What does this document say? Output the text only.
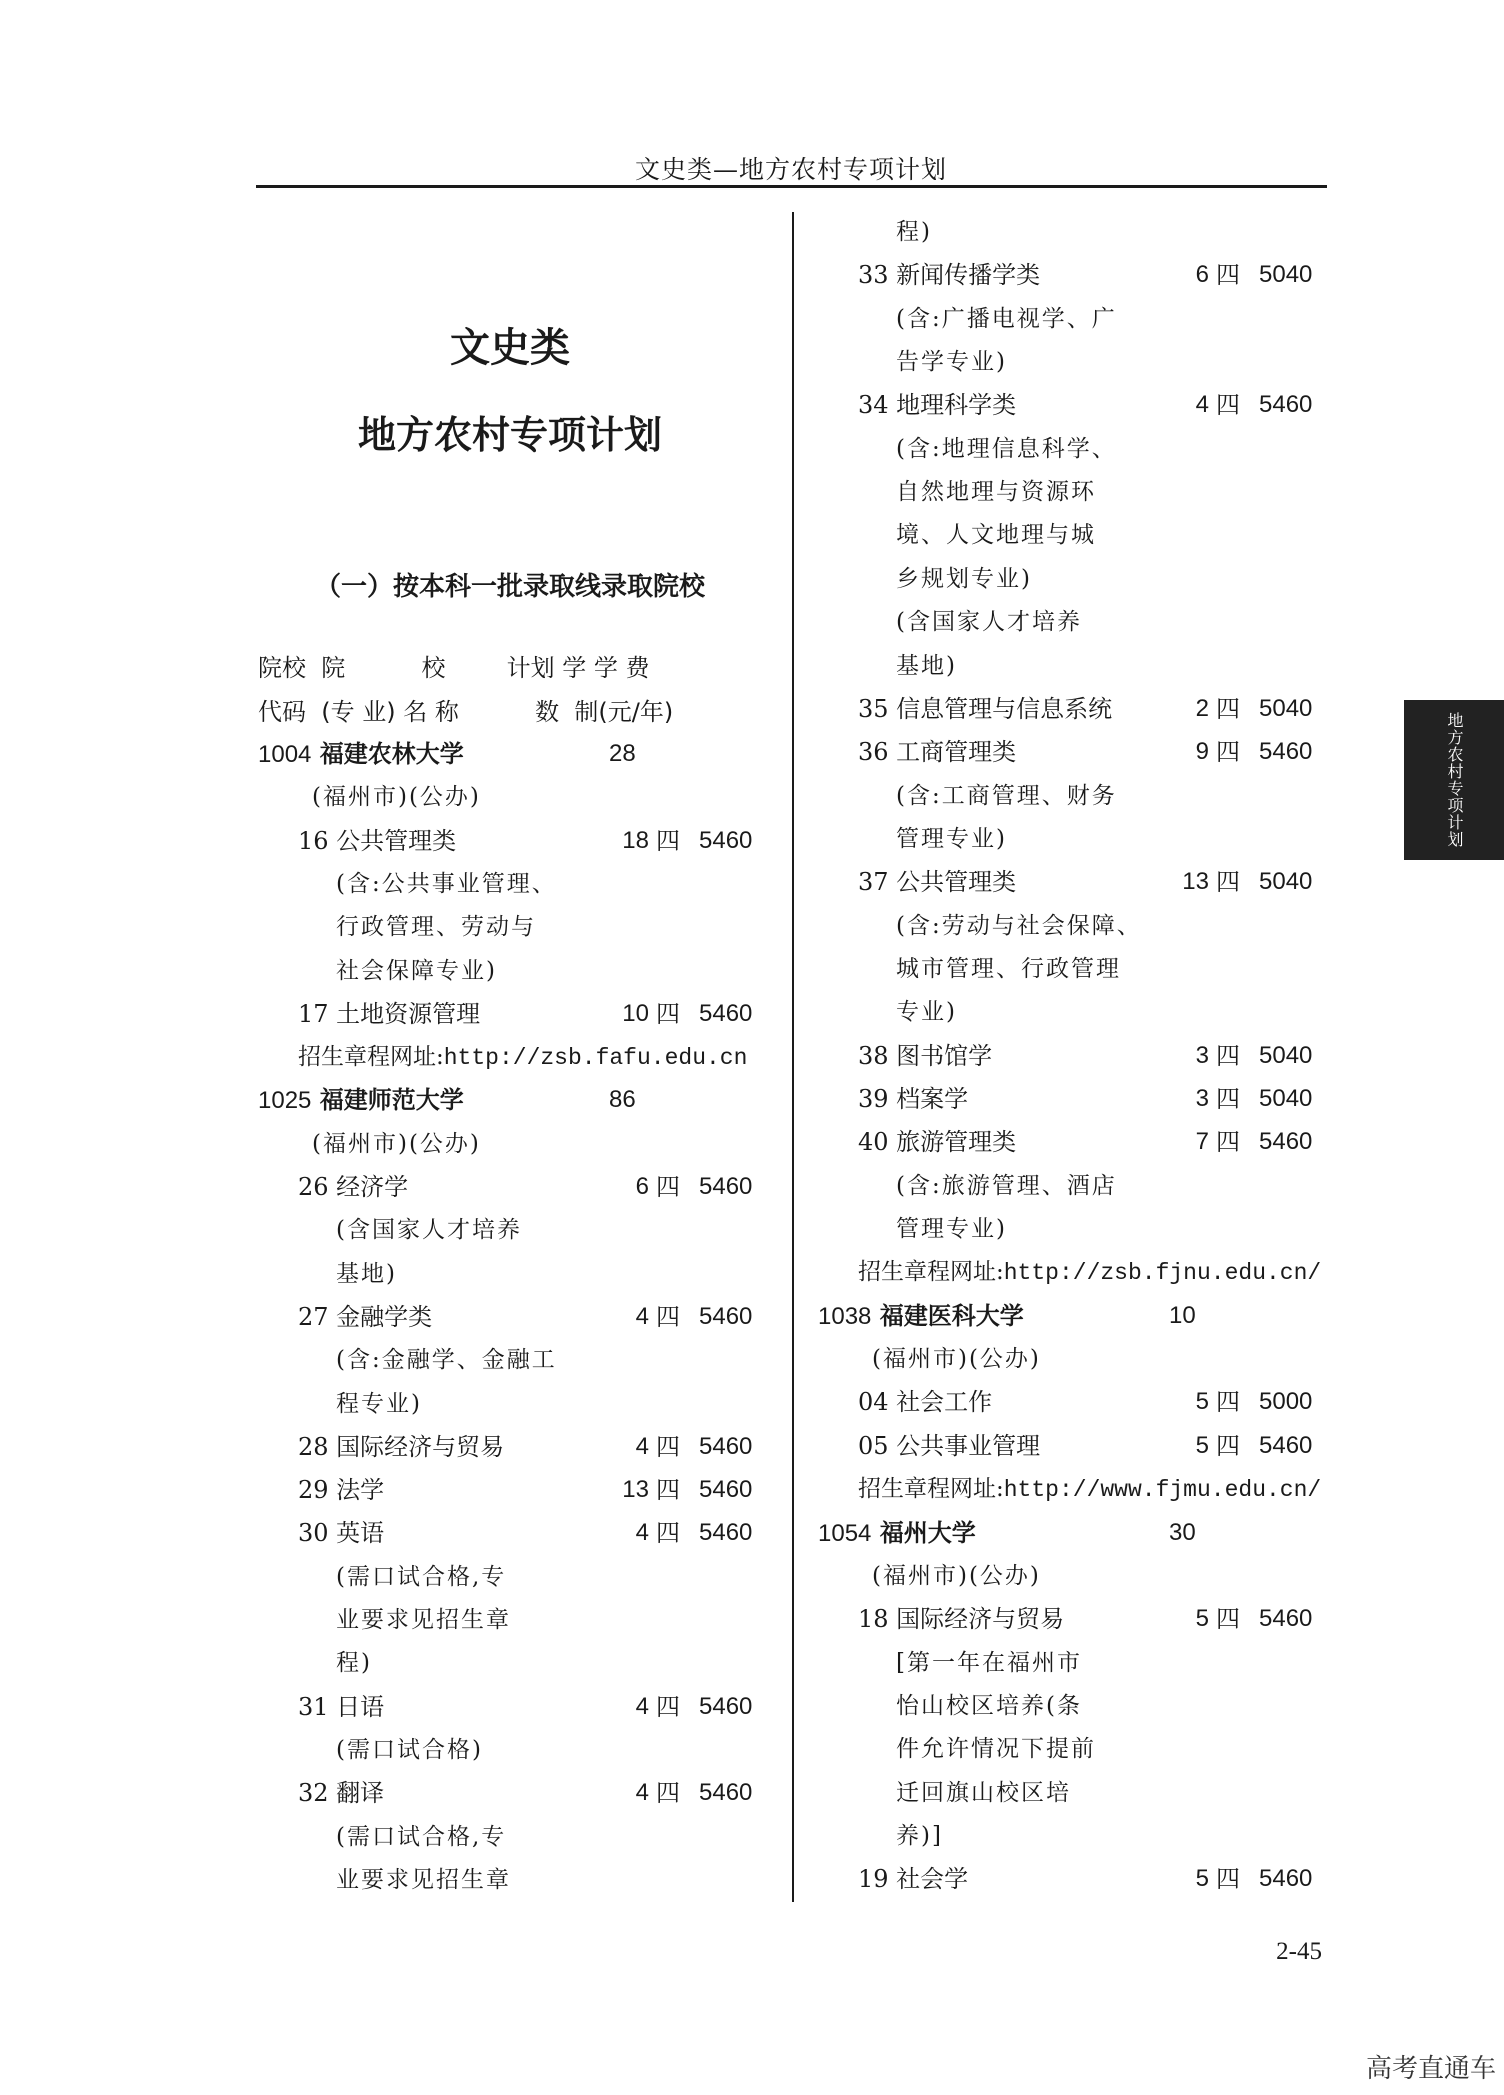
文史类—地方农村专项计划
地方农村专项计划
文史类
地方农村专项计划
（一）按本科一批录取线录取院校
院校  院          校        计划 学 学 费
代码  (专 业) 名 称          数  制(元/年)
1004 福建农林大学	28
(福州市)(公办)
16 公共管理类	18 四 5460
(含:公共事业管理、
行政管理、劳动与
社会保障专业)
17 土地资源管理	10 四 5460
招生章程网址:http://zsb.fafu.edu.cn
1025 福建师范大学	86
(福州市)(公办)
26 经济学	6 四 5460
(含国家人才培养
基地)
27 金融学类	4 四 5460
(含:金融学、金融工
程专业)
28 国际经济与贸易	4 四 5460
29 法学	13 四 5460
30 英语	4 四 5460
(需口试合格,专
业要求见招生章
程)
31 日语	4 四 5460
(需口试合格)
32 翻译	4 四 5460
(需口试合格,专
业要求见招生章
程)
33 新闻传播学类	6 四 5040
(含:广播电视学、广
告学专业)
34 地理科学类	4 四 5460
(含:地理信息科学、
自然地理与资源环
境、人文地理与城
乡规划专业)
(含国家人才培养
基地)
35 信息管理与信息系统	2 四 5040
36 工商管理类	9 四 5460
(含:工商管理、财务
管理专业)
37 公共管理类	13 四 5040
(含:劳动与社会保障、
城市管理、行政管理
专业)
38 图书馆学	3 四 5040
39 档案学	3 四 5040
40 旅游管理类	7 四 5460
(含:旅游管理、酒店
管理专业)
招生章程网址:http://zsb.fjnu.edu.cn/
1038 福建医科大学	10
(福州市)(公办)
04 社会工作	5 四 5000
05 公共事业管理	5 四 5460
招生章程网址:http://www.fjmu.edu.cn/
1054 福州大学	30
(福州市)(公办)
18 国际经济与贸易	5 四 5460
[第一年在福州市
怡山校区培养(条
件允许情况下提前
迁回旗山校区培
养)]
19 社会学	5 四 5460
2-45
高考直通车
